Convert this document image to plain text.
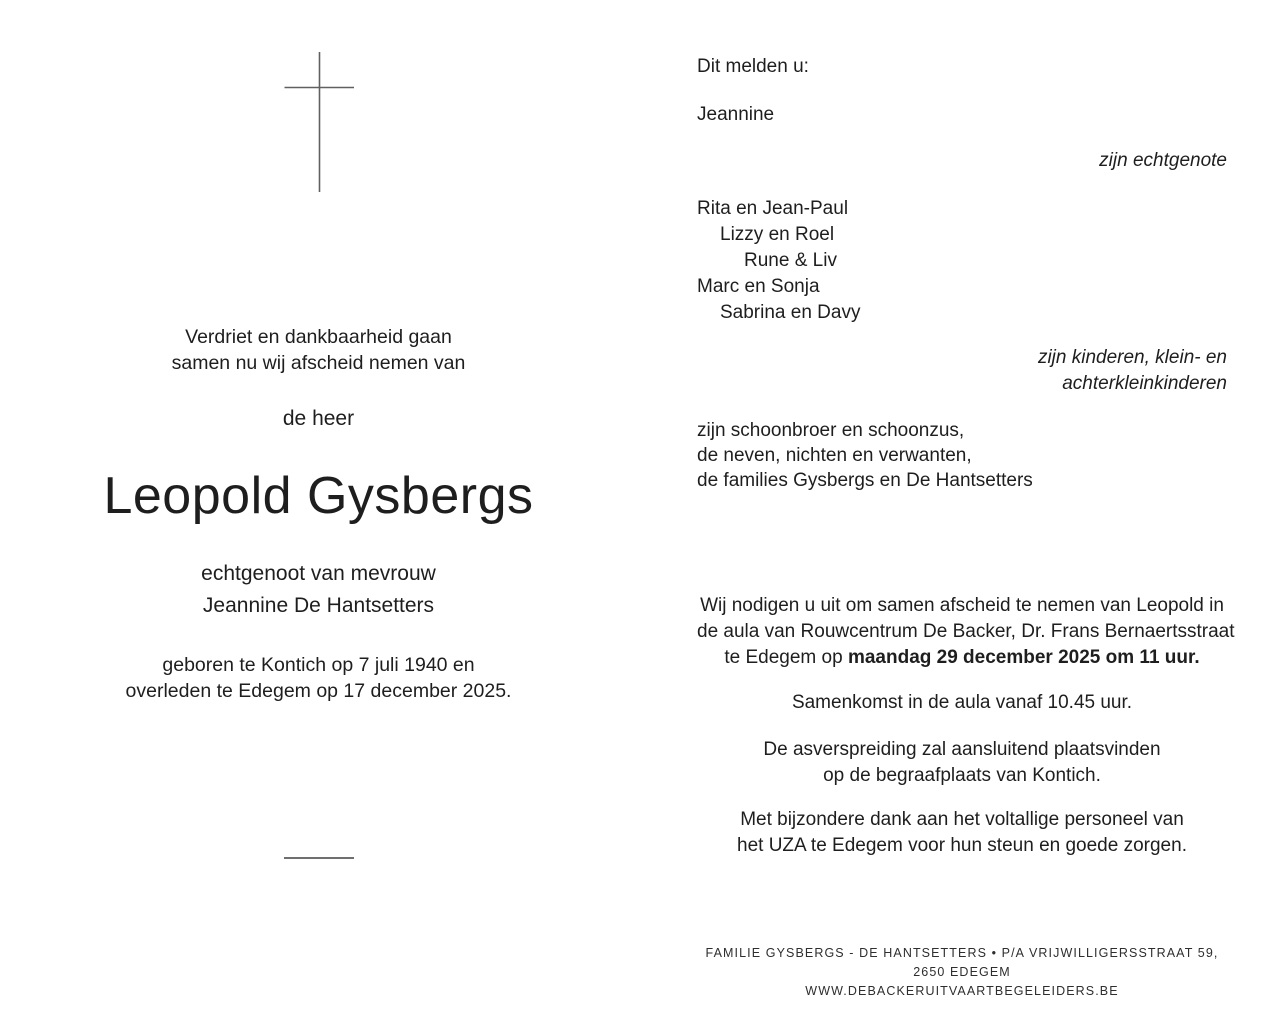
Verdriet en dankbaarheid gaan
samen nu wij afscheid nemen van
de heer
Leopold Gysbergs
echtgenoot van mevrouw
Jeannine De Hantsetters
geboren te Kontich op 7 juli 1940 en
overleden te Edegem op 17 december 2025.
Dit melden u:
Jeannine
zijn echtgenote
Rita en Jean-Paul
Lizzy en Roel
Rune & Liv
Marc en Sonja
Sabrina en Davy
zijn kinderen, klein- en
achterkleinkinderen
zijn schoonbroer en schoonzus,
de neven, nichten en verwanten,
de families Gysbergs en De Hantsetters
Wij nodigen u uit om samen afscheid te nemen van Leopold in
de aula van Rouwcentrum De Backer, Dr. Frans Bernaertsstraat
te Edegem op maandag 29 december 2025 om 11 uur.
Samenkomst in de aula vanaf 10.45 uur.
De asverspreiding zal aansluitend plaatsvinden
op de begraafplaats van Kontich.
Met bijzondere dank aan het voltallige personeel van
het UZA te Edegem voor hun steun en goede zorgen.
FAMILIE GYSBERGS - DE HANTSETTERS • P/A VRIJWILLIGERSSTRAAT 59, 2650 EDEGEM
WWW.DEBACKERUITVAARTBEGELEIDERS.BE
